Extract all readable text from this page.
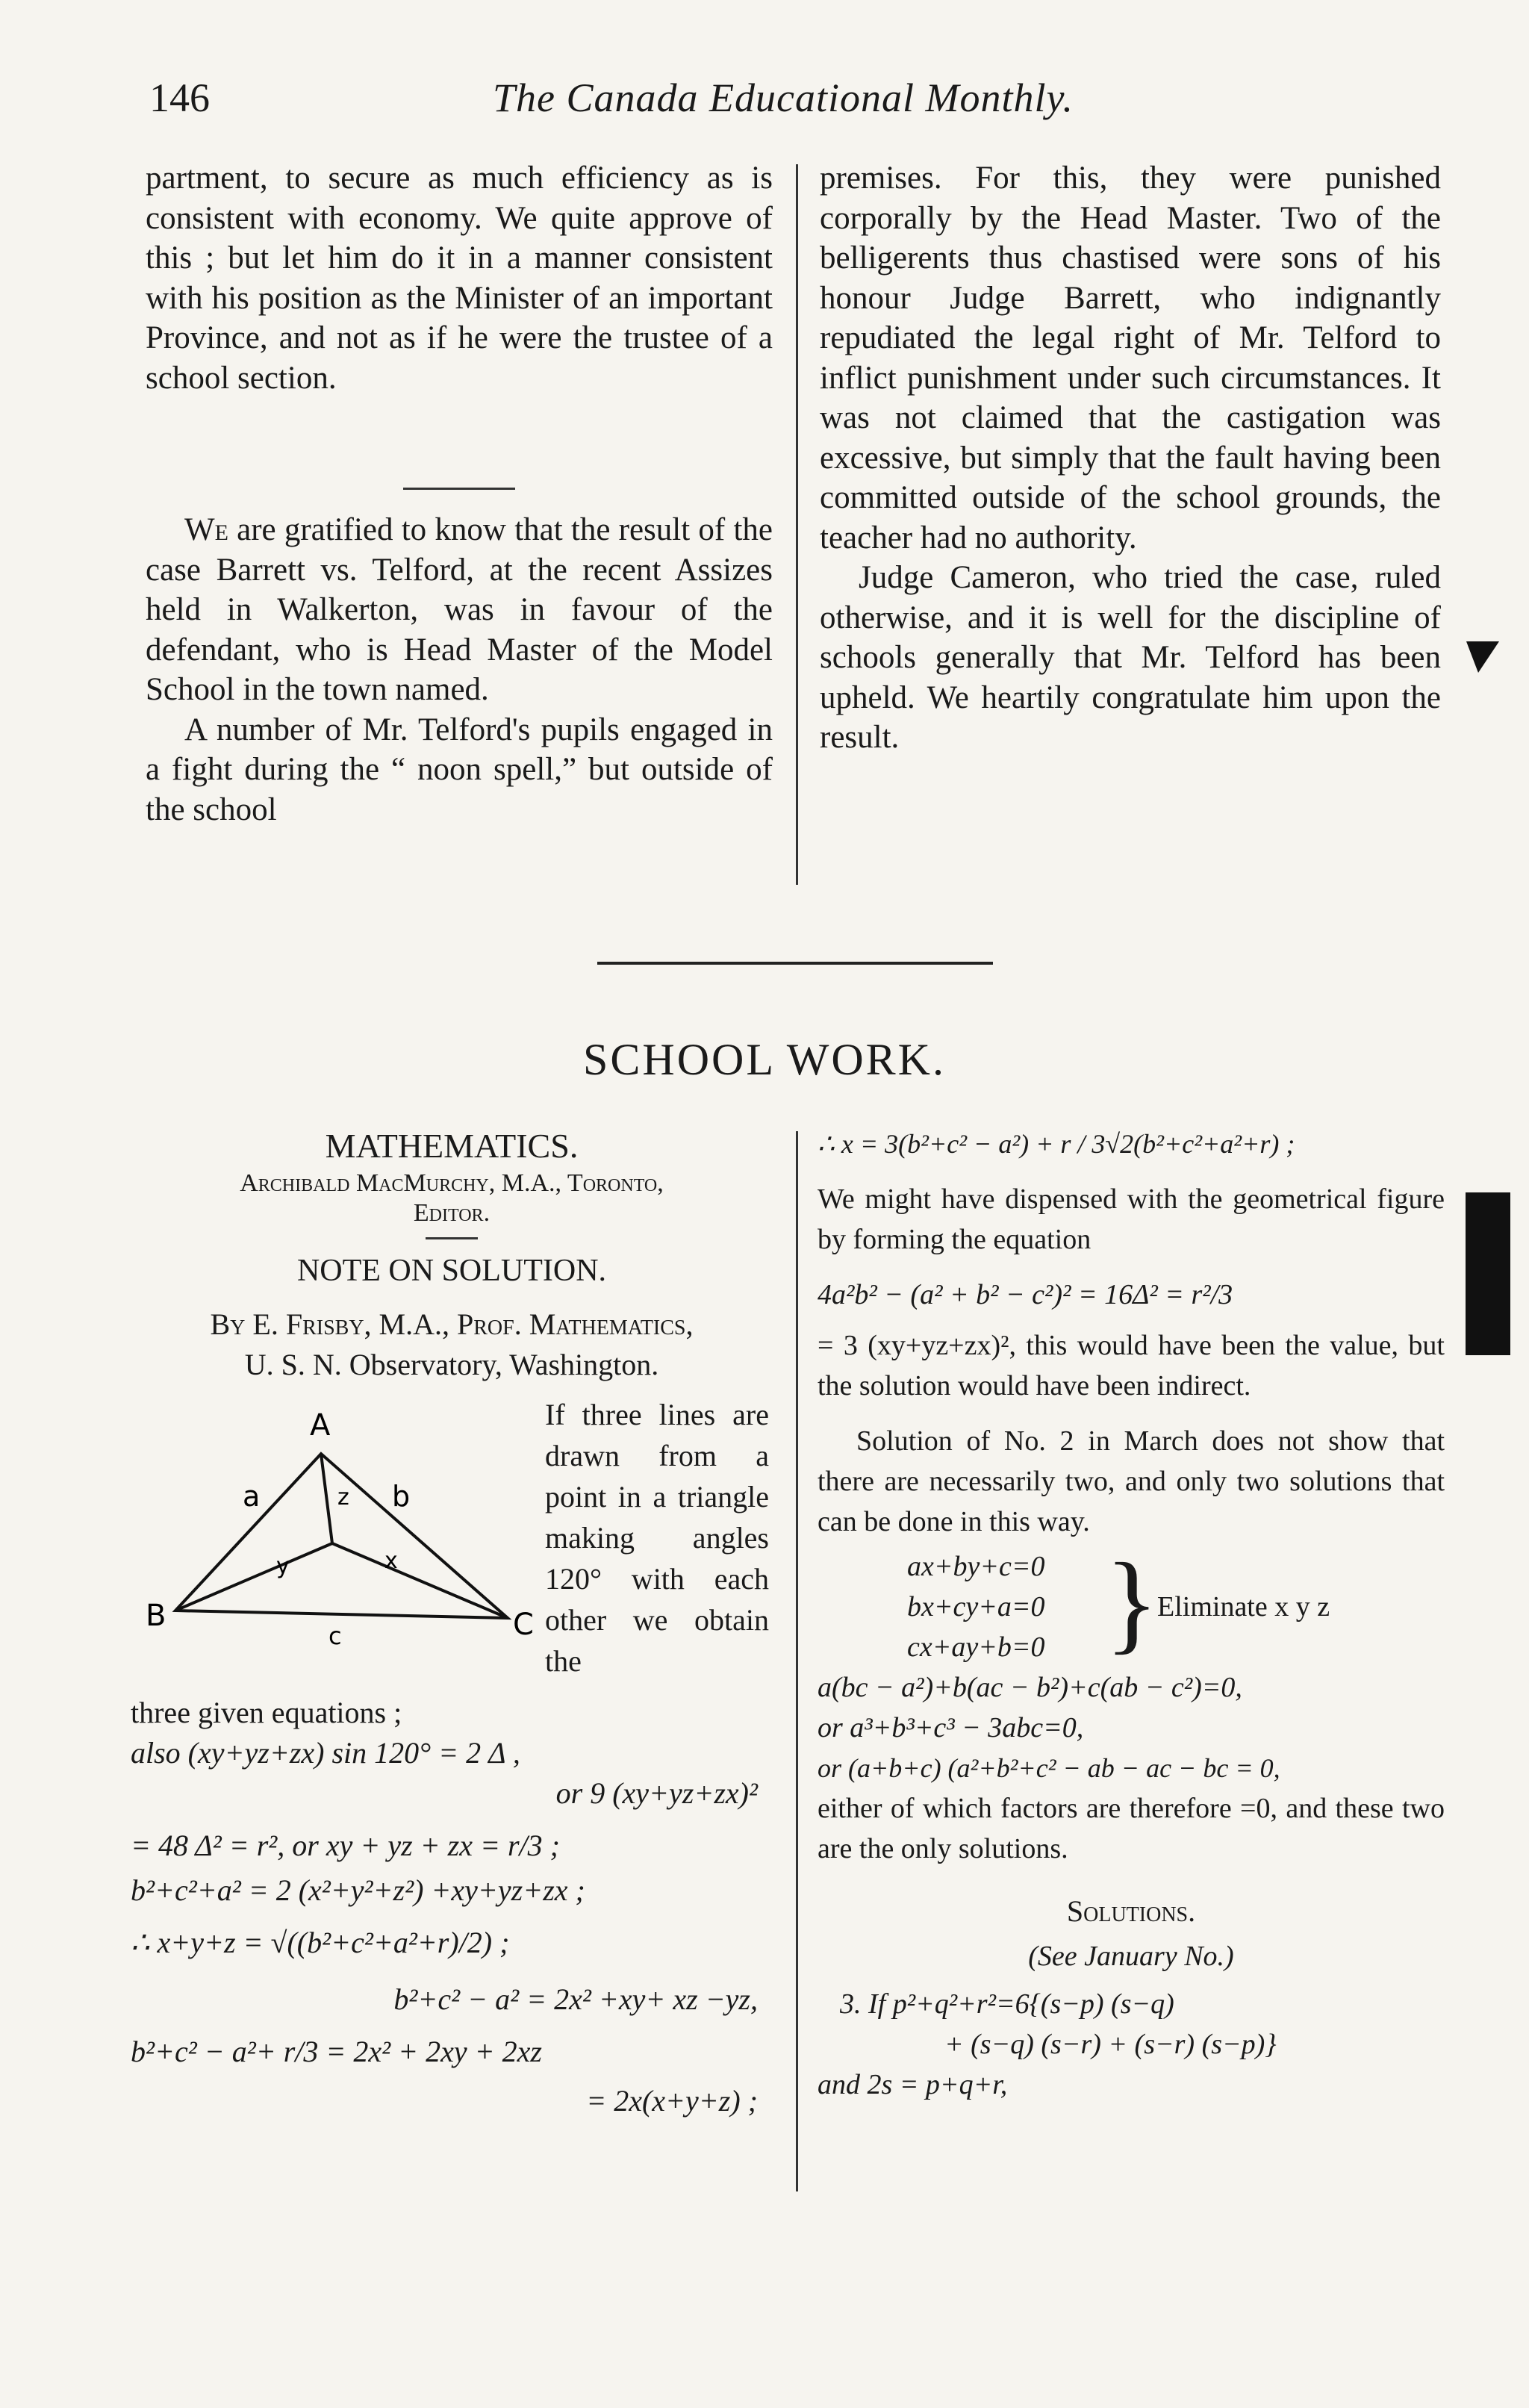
146	The Canada Educational Monthly.

partment, to secure as much efficiency as is consistent with economy. We quite approve of this ; but let him do it in a manner consistent with his position as the Minister of an important Province, and not as if he were the trustee of a school section.

We are gratified to know that the result of the case Barrett vs. Telford, at the recent Assizes held in Walkerton, was in favour of the defendant, who is Head Master of the Model School in the town named.

A number of Mr. Telford's pupils engaged in a fight during the “ noon spell,” but outside of the school

premises. For this, they were punished corporally by the Head Master. Two of the belligerents thus chastised were sons of his honour Judge Barrett, who indignantly repudiated the legal right of Mr. Telford to inflict punishment under such circumstances. It was not claimed that the castigation was excessive, but simply that the fault having been committed outside of the school grounds, the teacher had no authority.

Judge Cameron, who tried the case, ruled otherwise, and it is well for the discipline of schools generally that Mr. Telford has been upheld. We heartily congratulate him upon the result.

SCHOOL WORK.
MATHEMATICS.
Archibald MacMurchy, M.A., Toronto,
Editor.
NOTE ON SOLUTION.
By E. Frisby, M.A., Prof. Mathematics,
U. S. N. Observatory, Washington.
A
B	C
a	b
c
z
y	x
If three lines are drawn from a point in a triangle making angles 120° with each other we obtain the
three given equations ;
also (xy+yz+zx) sin 120° = 2 Δ ,
or 9 (xy+yz+zx)²
= 48 Δ² = r², or xy + yz + zx = r/3 ;
b²+c²+a² = 2 (x²+y²+z²) +xy+yz+zx ;
∴ x+y+z = √((b²+c²+a²+r)/2) ;
b²+c² − a² = 2x² +xy+ xz −yz,
b²+c² − a²+ r/3 = 2x² + 2xy + 2xz
= 2x(x+y+z) ;
∴ x = 3(b²+c² − a²) + r / 3√2(b²+c²+a²+r) ;

We might have dispensed with the geometrical figure by forming the equation

4a²b² − (a² + b² − c²)² = 16Δ² = r²/3

= 3 (xy+yz+zx)², this would have been the value, but the solution would have been indirect.

Solution of No. 2 in March does not show that there are necessarily two, and only two solutions that can be done in this way.

ax+by+c=0
bx+cy+a=0
cx+ay+b=0 }
Eliminate x y z
a(bc − a²)+b(ac − b²)+c(ab − c²)=0,
or a³+b³+c³ − 3abc=0,
or (a+b+c) (a²+b²+c² − ab − ac − bc = 0,

either of which factors are therefore =0, and these two are the only solutions.

Solutions.
(See January No.)
3. If p²+q²+r²=6{(s−p) (s−q)
+ (s−q) (s−r) + (s−r) (s−p)}
and 2s = p+q+r,
